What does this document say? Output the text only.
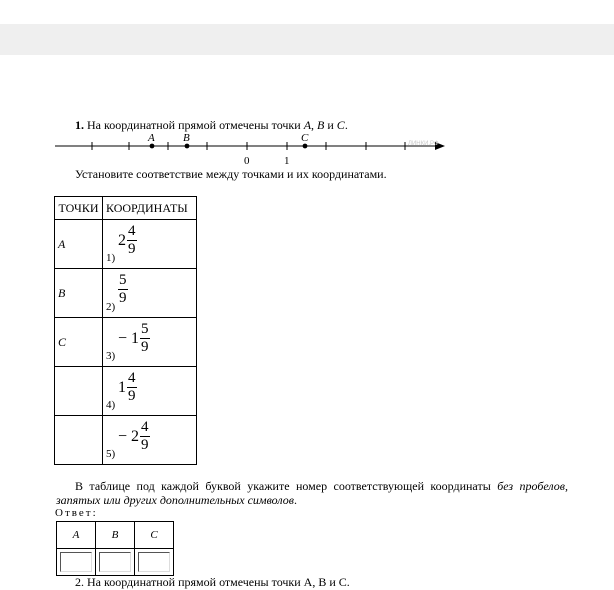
1. На координатной прямой отмечены точки A, B и C.
A	B	C
0	1
ЛИНКИ.РФ
Установите соответствие между точками и их координатами.
ТОЧКИ	КООРДИНАТЫ

A	1)
$2 \frac{4}{9}$

B	2)
$\frac{5}{9}$

C	3)
− $1 \frac{5}{9}$

	4)
$1 \frac{4}{9}$

	5)
− $2 \frac{4}{9}$
В таблице под каждой буквой укажите номер соответствующей координаты без пробелов, запятых или других дополнительных символов.
Ответ:
A	B	C

2. На координатной прямой отмечены точки A, B и C.
